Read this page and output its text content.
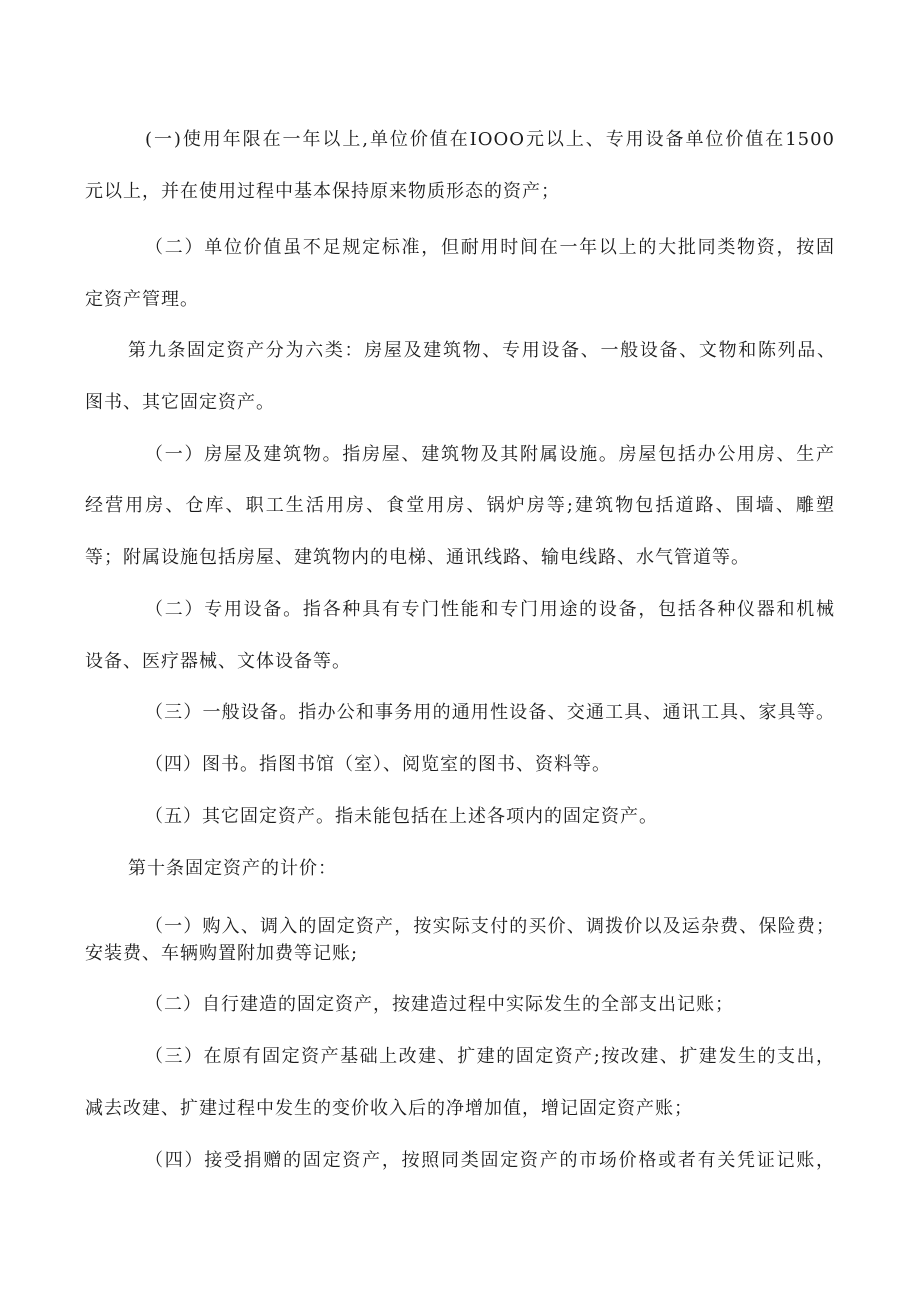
(一)使用年限在一年以上,单位价值在IOOO元以上、专用设备单位价值在1500

元以上，并在使用过程中基本保持原来物质形态的资产；

（二）单位价值虽不足规定标准，但耐用时间在一年以上的大批同类物资，按固

定资产管理。

第九条固定资产分为六类：房屋及建筑物、专用设备、一般设备、文物和陈列品、

图书、其它固定资产。

（一）房屋及建筑物。指房屋、建筑物及其附属设施。房屋包括办公用房、生产

经营用房、仓库、职工生活用房、食堂用房、锅炉房等;建筑物包括道路、围墙、雕塑

等；附属设施包括房屋、建筑物内的电梯、通讯线路、输电线路、水气管道等。

（二）专用设备。指各种具有专门性能和专门用途的设备，包括各种仪器和机械

设备、医疗器械、文体设备等。

（三）一般设备。指办公和事务用的通用性设备、交通工具、通讯工具、家具等。

（四）图书。指图书馆（室）、阅览室的图书、资料等。

（五）其它固定资产。指未能包括在上述各项内的固定资产。

第十条固定资产的计价：

（一）购入、调入的固定资产，按实际支付的买价、调拨价以及运杂费、保险费；

安装费、车辆购置附加费等记账;

（二）自行建造的固定资产，按建造过程中实际发生的全部支出记账；

（三）在原有固定资产基础上改建、扩建的固定资产;按改建、扩建发生的支出，

减去改建、扩建过程中发生的变价收入后的净增加值，增记固定资产账；

（四）接受捐赠的固定资产，按照同类固定资产的市场价格或者有关凭证记账，
